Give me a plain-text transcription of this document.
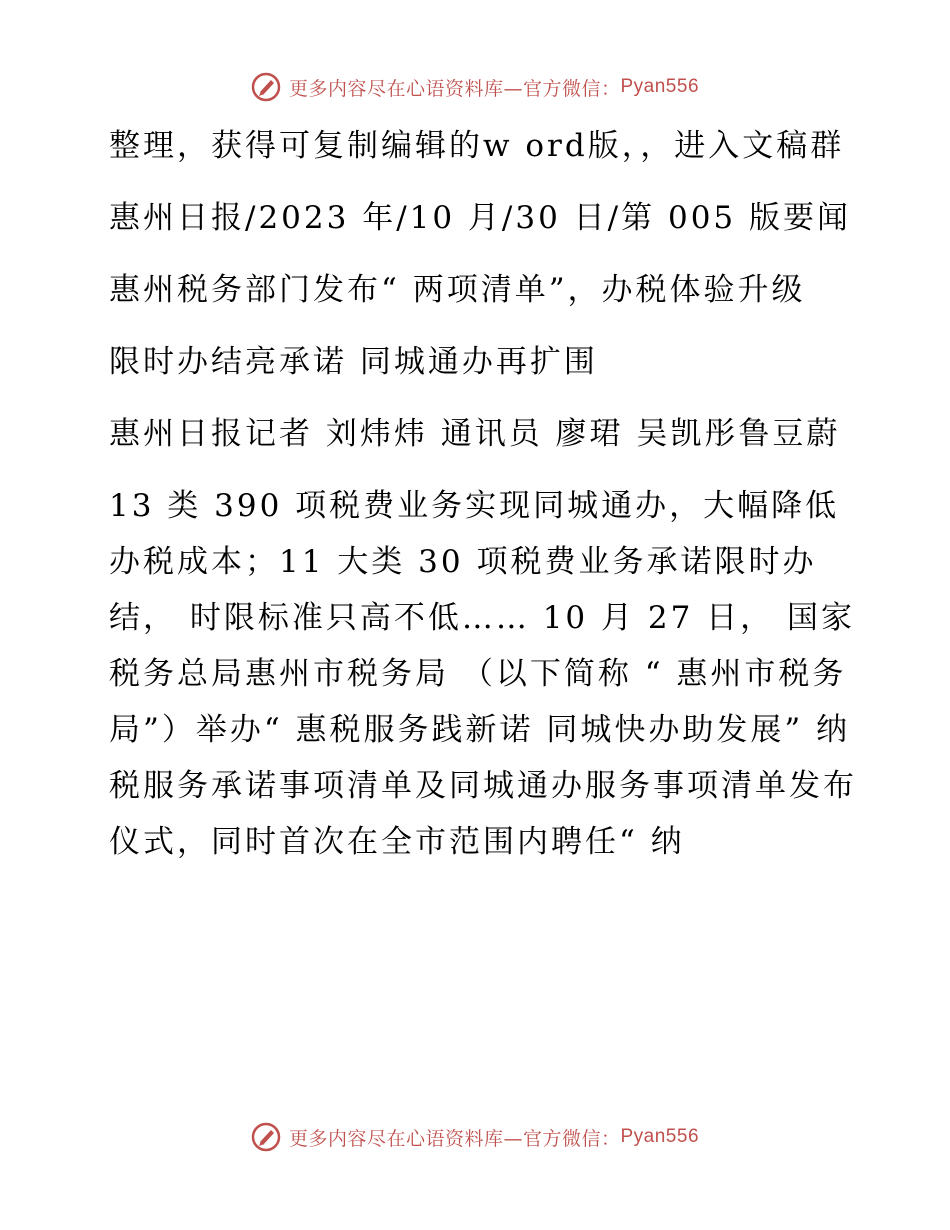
更多内容尽在心语资料库—官方微信： Pyan556

整理，获得可复制编辑的w ord版，，进入文稿群

惠州日报/2023 年/10 月/30 日/第 005 版要闻

惠州税务部门发布“ 两项清单”，办税体验升级

限时办结亮承诺 同城通办再扩围

惠州日报记者 刘炜炜 通讯员 廖珺 吴凯彤鲁豆蔚

13 类 390 项税费业务实现同城通办，大幅降低办税成本；11 大类 30 项税费业务承诺限时办结， 时限标准只高不低…… 10 月 27 日， 国家税务总局惠州市税务局 （以下简称 “ 惠州市税务局”）举办“ 惠税服务践新诺 同城快办助发展” 纳税服务承诺事项清单及同城通办服务事项清单发布仪式，同时首次在全市范围内聘任“ 纳

更多内容尽在心语资料库—官方微信： Pyan556
